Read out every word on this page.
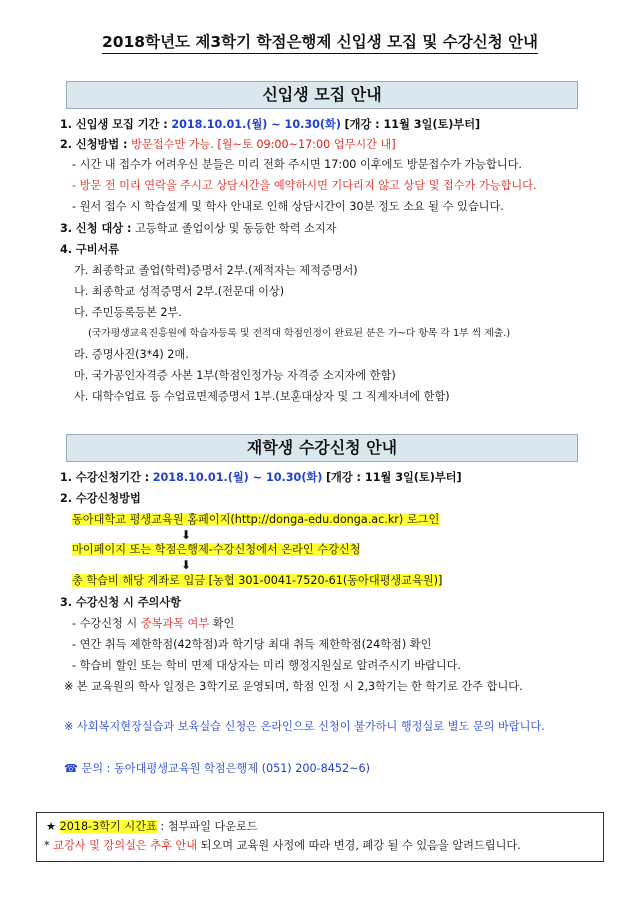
2018학년도 제3학기 학점은행제 신입생 모집 및 수강신청 안내
신입생 모집 안내
1. 신입생 모집 기간 : 2018.10.01.(월) ~ 10.30(화) [개강 : 11월 3일(토)부터]
2. 신청방법 : 방문접수만 가능. [월~토 09:00~17:00 업무시간 내]
- 시간 내 접수가 어려우신 분들은 미리 전화 주시면 17:00 이후에도 방문접수가 가능합니다.
- 방문 전 미리 연락을 주시고 상담시간을 예약하시면 기다리지 않고 상담 및 접수가 가능합니다.
- 원서 접수 시 학습설계 및 학사 안내로 인해 상담시간이 30분 정도 소요 될 수 있습니다.
3. 신청 대상 : 고등학교 졸업이상 및 동등한 학력 소지자
4. 구비서류
가. 최종학교 졸업(학력)증명서 2부.(제적자는 제적증명서)
나. 최종학교 성적증명서 2부.(전문대 이상)
다. 주민등록등본 2부.
(국가평생교육진흥원에 학습자등록 및 전적대 학점인정이 완료된 분은 가~다 항목 각 1부 씩 제출.)
라. 증명사진(3*4) 2매.
마. 국가공인자격증 사본 1부(학점인정가능 자격증 소지자에 한함)
사. 대학수업료 등 수업료면제증명서 1부.(보훈대상자 및 그 직계자녀에 한함)
재학생 수강신청 안내
1. 수강신청기간 : 2018.10.01.(월) ~ 10.30(화) [개강 : 11월 3일(토)부터]
2. 수강신청방법
동아대학교 평생교육원 홈페이지(http://donga-edu.donga.ac.kr) 로그인
⬇
마이페이지 또는 학점은행제-수강신청에서 온라인 수강신청
⬇
총 학습비 해당 계좌로 입금 [농협 301-0041-7520-61(동아대평생교육원)]
3. 수강신청 시 주의사항
- 수강신청 시 중복과목 여부 확인
- 연간 취득 제한학점(42학점)과 학기당 최대 취득 제한학점(24학점) 확인
- 학습비 할인 또는 학비 면제 대상자는 미리 행정지원실로 알려주시기 바랍니다.
※ 본 교육원의 학사 일정은 3학기로 운영되며, 학점 인정 시 2,3학기는 한 학기로 간주 합니다.
※ 사회복지현장실습과 보육실습 신청은 온라인으로 신청이 불가하니 행정실로 별도 문의 바랍니다.
☎ 문의 : 동아대평생교육원 학점은행제 (051) 200-8452~6)
★ 2018-3학기 시간표 : 첨부파일 다운로드
* 교강사 및 강의실은 추후 안내 되오며 교육원 사정에 따라 변경, 폐강 될 수 있음을 알려드립니다.
